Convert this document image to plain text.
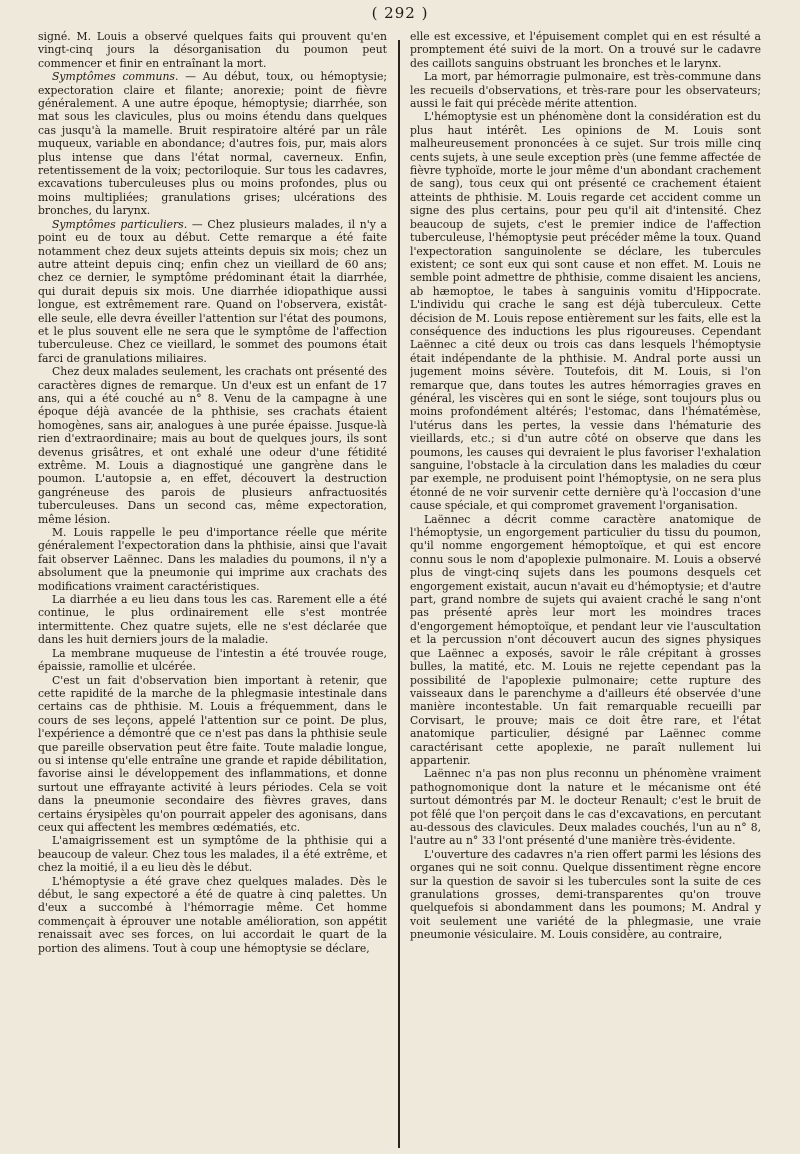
( 292 )

signé. M. Louis a observé quelques faits qui prouvent qu'en vingt-cinq jours la désorganisation du poumon peut commencer et finir en entraînant la mort.

Symptômes communs. — Au début, toux, ou hémoptysie; expectoration claire et filante; anorexie; point de fièvre généralement. A une autre époque, hémoptysie; diarrhée, son mat sous les clavicules, plus ou moins étendu dans quelques cas jusqu'à la mamelle. Bruit respiratoire altéré par un râle muqueux, variable en abondance; d'autres fois, pur, mais alors plus intense que dans l'état normal, caverneux. Enfin, retentissement de la voix; pectoriloquie. Sur tous les cadavres, excavations tuberculeuses plus ou moins profondes, plus ou moins multipliées; granulations grises; ulcérations des bronches, du larynx.

Symptômes particuliers. — Chez plusieurs malades, il n'y a point eu de toux au début. Cette remarque a été faite notamment chez deux sujets atteints depuis six mois; chez un autre atteint depuis cinq; enfin chez un vieillard de 60 ans; chez ce dernier, le symptôme prédominant était la diarrhée, qui durait depuis six mois. Une diarrhée idiopathique aussi longue, est extrêmement rare. Quand on l'observera, existât-elle seule, elle devra éveiller l'attention sur l'état des poumons, et le plus souvent elle ne sera que le symptôme de l'affection tuberculeuse. Chez ce vieillard, le sommet des poumons était farci de granulations miliaires.

Chez deux malades seulement, les crachats ont présenté des caractères dignes de remarque. Un d'eux est un enfant de 17 ans, qui a été couché au n° 8. Venu de la campagne à une époque déjà avancée de la phthisie, ses crachats étaient homogènes, sans air, analogues à une purée épaisse. Jusque-là rien d'extraordinaire; mais au bout de quelques jours, ils sont devenus grisâtres, et ont exhalé une odeur d'une fétidité extrême. M. Louis a diagnostiqué une gangrène dans le poumon. L'autopsie a, en effet, découvert la destruction gangréneuse des parois de plusieurs anfractuosités tuberculeuses. Dans un second cas, même expectoration, même lésion.

M. Louis rappelle le peu d'importance réelle que mérite généralement l'expectoration dans la phthisie, ainsi que l'avait fait observer Laënnec. Dans les maladies du poumons, il n'y a absolument que la pneumonie qui imprime aux crachats des modifications vraiment caractéristiques.

La diarrhée a eu lieu dans tous les cas. Rarement elle a été continue, le plus ordinairement elle s'est montrée intermittente. Chez quatre sujets, elle ne s'est déclarée que dans les huit derniers jours de la maladie.

La membrane muqueuse de l'intestin a été trouvée rouge, épaissie, ramollie et ulcérée.

C'est un fait d'observation bien important à retenir, que cette rapidité de la marche de la phlegmasie intestinale dans certains cas de phthisie. M. Louis a fréquemment, dans le cours de ses leçons, appelé l'attention sur ce point. De plus, l'expérience a démontré que ce n'est pas dans la phthisie seule que pareille observation peut être faite. Toute maladie longue, ou si intense qu'elle entraîne une grande et rapide débilitation, favorise ainsi le développement des inflammations, et donne surtout une effrayante activité à leurs périodes. Cela se voit dans la pneumonie secondaire des fièvres graves, dans certains érysipèles qu'on pourrait appeler des agonisans, dans ceux qui affectent les membres œdématiés, etc.

L'amaigrissement est un symptôme de la phthisie qui a beaucoup de valeur. Chez tous les malades, il a été extrême, et chez la moitié, il a eu lieu dès le début.

L'hémoptysie a été grave chez quelques malades. Dès le début, le sang expectoré a été de quatre à cinq palettes. Un d'eux a succombé à l'hémorragie même. Cet homme commençait à éprouver une notable amélioration, son appétit renaissait avec ses forces, on lui accordait le quart de la portion des alimens. Tout à coup une hémoptysie se déclare,

elle est excessive, et l'épuisement complet qui en est résulté a promptement été suivi de la mort. On a trouvé sur le cadavre des caillots sanguins obstruant les bronches et le larynx.

La mort, par hémorragie pulmonaire, est très-commune dans les recueils d'observations, et très-rare pour les observateurs; aussi le fait qui précède mérite attention.

L'hémoptysie est un phénomène dont la considération est du plus haut intérêt. Les opinions de M. Louis sont malheureusement prononcées à ce sujet. Sur trois mille cinq cents sujets, à une seule exception près (une femme affectée de fièvre typhoïde, morte le jour même d'un abondant crachement de sang), tous ceux qui ont présenté ce crachement étaient atteints de phthisie. M. Louis regarde cet accident comme un signe des plus certains, pour peu qu'il ait d'intensité. Chez beaucoup de sujets, c'est le premier indice de l'affection tuberculeuse, l'hémoptysie peut précéder même la toux. Quand l'expectoration sanguinolente se déclare, les tubercules existent; ce sont eux qui sont cause et non effet. M. Louis ne semble point admettre de phthisie, comme disaient les anciens, ab hæmoptoe, le tabes à sanguinis vomitu d'Hippocrate. L'individu qui crache le sang est déjà tuberculeux. Cette décision de M. Louis repose entièrement sur les faits, elle est la conséquence des inductions les plus rigoureuses. Cependant Laënnec a cité deux ou trois cas dans lesquels l'hémoptysie était indépendante de la phthisie. M. Andral porte aussi un jugement moins sévère. Toutefois, dit M. Louis, si l'on remarque que, dans toutes les autres hémorragies graves en général, les viscères qui en sont le siége, sont toujours plus ou moins profondément altérés; l'estomac, dans l'hématémèse, l'utérus dans les pertes, la vessie dans l'hématurie des vieillards, etc.; si d'un autre côté on observe que dans les poumons, les causes qui devraient le plus favoriser l'exhalation sanguine, l'obstacle à la circulation dans les maladies du cœur par exemple, ne produisent point l'hémoptysie, on ne sera plus étonné de ne voir survenir cette dernière qu'à l'occasion d'une cause spéciale, et qui compromet gravement l'organisation.

Laënnec a décrit comme caractère anatomique de l'hémoptysie, un engorgement particulier du tissu du poumon, qu'il nomme engorgement hémoptoïque, et qui est encore connu sous le nom d'apoplexie pulmonaire. M. Louis a observé plus de vingt-cinq sujets dans les poumons desquels cet engorgement existait, aucun n'avait eu d'hémoptysie; et d'autre part, grand nombre de sujets qui avaient craché le sang n'ont pas présenté après leur mort les moindres traces d'engorgement hémoptoïque, et pendant leur vie l'auscultation et la percussion n'ont découvert aucun des signes physiques que Laënnec a exposés, savoir le râle crépitant à grosses bulles, la matité, etc. M. Louis ne rejette cependant pas la possibilité de l'apoplexie pulmonaire; cette rupture des vaisseaux dans le parenchyme a d'ailleurs été observée d'une manière incontestable. Un fait remarquable recueilli par Corvisart, le prouve; mais ce doit être rare, et l'état anatomique particulier, désigné par Laënnec comme caractérisant cette apoplexie, ne paraît nullement lui appartenir.

Laënnec n'a pas non plus reconnu un phénomène vraiment pathognomonique dont la nature et le mécanisme ont été surtout démontrés par M. le docteur Renault; c'est le bruit de pot fêlé que l'on perçoit dans le cas d'excavations, en percutant au-dessous des clavicules. Deux malades couchés, l'un au n° 8, l'autre au n° 33 l'ont présenté d'une manière très-évidente.

L'ouverture des cadavres n'a rien offert parmi les lésions des organes qui ne soit connu. Quelque dissentiment règne encore sur la question de savoir si les tubercules sont la suite de ces granulations grosses, demi-transparentes qu'on trouve quelquefois si abondamment dans les poumons; M. Andral y voit seulement une variété de la phlegmasie, une vraie pneumonie vésiculaire. M. Louis considère, au contraire,
